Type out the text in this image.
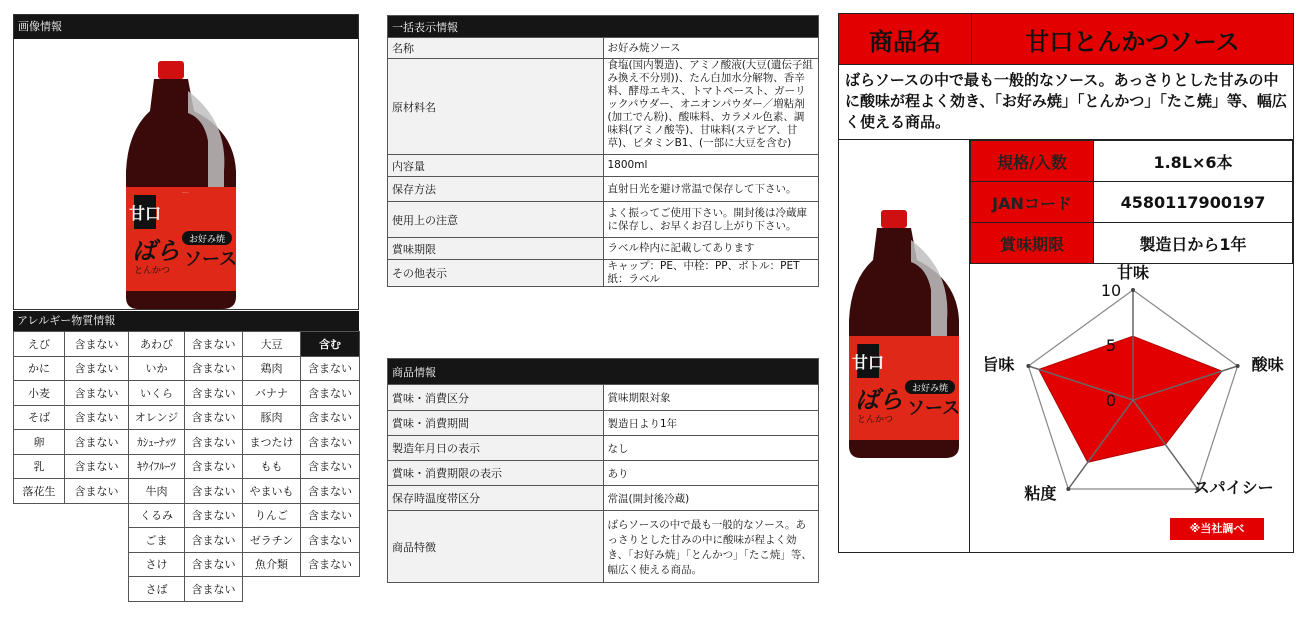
画像情報
ROSE SAUCE
甘口
ばら
とんかつ
お好み焼
ソース
アレルギー物質情報
えび	含まない	あわび	含まない	大豆	含む
かに	含まない	いか	含まない	鶏肉	含まない
小麦	含まない	いくら	含まない	バナナ	含まない
そば	含まない	オレンジ	含まない	豚肉	含まない
卵	含まない	ｶｼｭｰﾅｯﾂ	含まない	まつたけ	含まない
乳	含まない	ｷｳｲﾌﾙｰﾂ	含まない	もも	含まない
落花生	含まない	牛肉	含まない	やまいも	含まない
		くるみ	含まない	りんご	含まない
		ごま	含まない	ゼラチン	含まない
		さけ	含まない	魚介類	含まない
		さば	含まない		
一括表示情報	
名称	お好み焼ソース
原材料名	食塩(国内製造)、アミノ酸液(大豆(遺伝子組み換え不分別))、たん白加水分解物、香辛料、酵母エキス、トマトペースト、ガーリックパウダー、オニオンパウダー／増粘剤(加工でん粉)、酸味料、カラメル色素、調味料(アミノ酸等)、甘味料(ステビア、甘草)、ビタミンB1、(一部に大豆を含む)
内容量	1800ml
保存方法	直射日光を避け常温で保存して下さい。
使用上の注意	よく振ってご使用下さい。開封後は冷蔵庫に保存し、お早くお召し上がり下さい。
賞味期限	ラベル枠内に記載してあります
その他表示	キャップ：PE、中栓：PP、ボトル：PET　紙：ラベル
商品情報	
賞味・消費区分	賞味期限対象
賞味・消費期間	製造日より1年
製造年月日の表示	なし
賞味・消費期限の表示	あり
保存時温度帯区分	常温(開封後冷蔵)
商品特徴	ばらソースの中で最も一般的なソース。あっさりとした甘みの中に酸味が程よく効き、「お好み焼」「とんかつ」「たこ焼」等、幅広く使える商品。
商品名	甘口とんかつソース
ばらソースの中で最も一般的なソース。あっさりとした甘みの中に酸味が程よく効き、「お好み焼」「とんかつ」「たこ焼」等、幅広く使える商品。
甘口
ばら
とんかつ
お好み焼
ソース
規格/入数	1.8L×6本
JANコード	4580117900197
賞味期限	製造日から1年
甘味
酸味
スパイシー
粘度
旨味
0
5
10
※当社調べ
